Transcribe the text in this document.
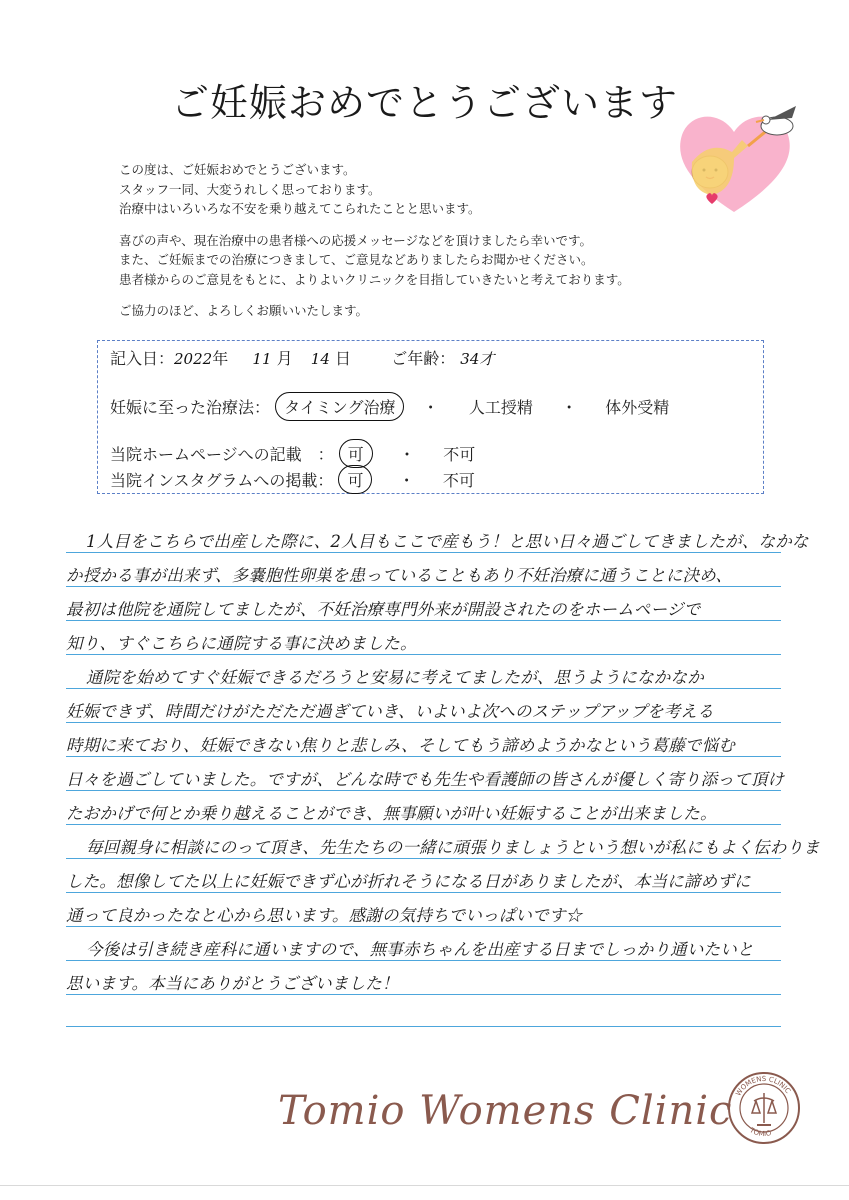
ご妊娠おめでとうございます

この度は、ご妊娠おめでとうございます。

スタッフ一同、大変うれしく思っております。

治療中はいろいろな不安を乗り越えてこられたことと思います。

喜びの声や、現在治療中の患者様への応援メッセージなどを頂けましたら幸いです。

また、ご妊娠までの治療につきまして、ご意見などありましたらお聞かせください。

患者様からのご意見をもとに、よりよいクリニックを目指していきたいと考えております。

ご協力のほど、よろしくお願いいたします。

記入日：2022年 11 月 14 日	ご年齢： 34才
妊娠に至った治療法： タイミング治療 ・ 人工授精 ・ 体外受精
当院ホームページへの記載　： 可 ・ 不可
当院インスタグラムへの掲載： 可 ・ 不可
1人目をこちらで出産した際に、2人目もここで産もう！と思い日々過ごしてきましたが、なかな
か授かる事が出来ず、多嚢胞性卵巣を患っていることもあり不妊治療に通うことに決め、
最初は他院を通院してましたが、不妊治療専門外来が開設されたのをホームページで
知り、すぐこちらに通院する事に決めました。
通院を始めてすぐ妊娠できるだろうと安易に考えてましたが、思うようになかなか
妊娠できず、時間だけがただただ過ぎていき、いよいよ次へのステップアップを考える
時期に来ており、妊娠できない焦りと悲しみ、そしてもう諦めようかなという葛藤で悩む
日々を過ごしていました。ですが、どんな時でも先生や看護師の皆さんが優しく寄り添って頂け
たおかげで何とか乗り越えることができ、無事願いが叶い妊娠することが出来ました。
毎回親身に相談にのって頂き、先生たちの一緒に頑張りましょうという想いが私にもよく伝わりま
した。想像してた以上に妊娠できず心が折れそうになる日がありましたが、本当に諦めずに
通って良かったなと心から思います。感謝の気持ちでいっぱいです☆
今後は引き続き産科に通いますので、無事赤ちゃんを出産する日までしっかり通いたいと
思います。本当にありがとうございました！
Tomio Womens Clinic WOMENS CLINIC
TOMIO
